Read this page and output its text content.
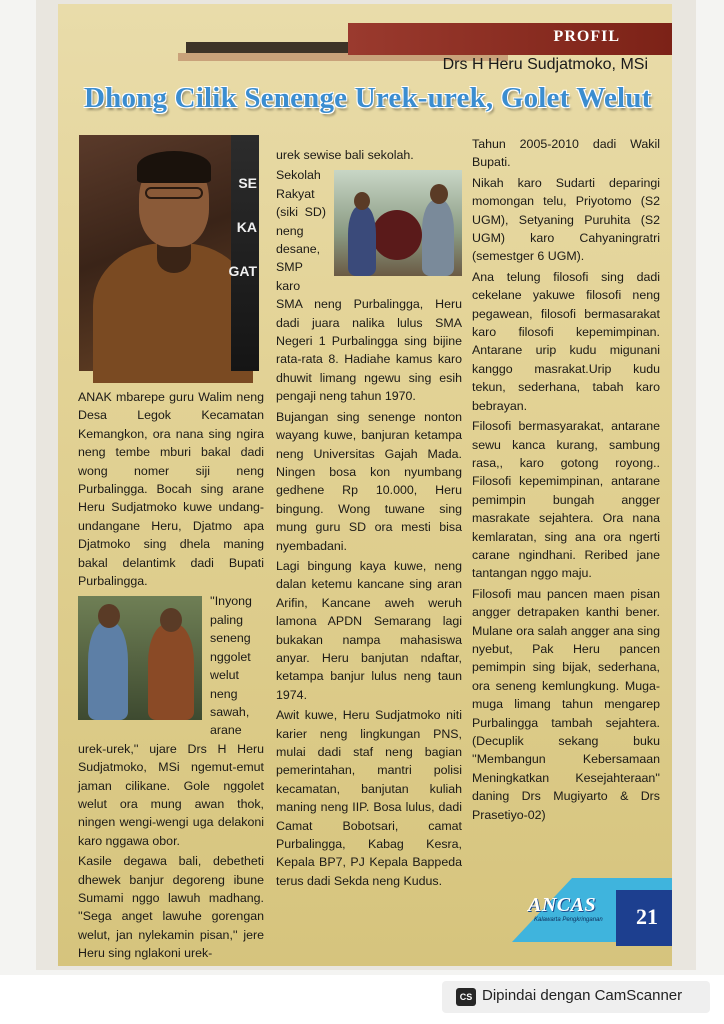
PROFIL
Drs H Heru Sudjatmoko, MSi
Dhong Cilik Senenge Urek-urek, Golet Welut
SE
KA
GAT

ANAK mbarepe guru Walim neng Desa Legok Kecamatan Kemangkon, ora nana sing ngira neng tembe mburi bakal dadi wong nomer siji neng Purbalingga. Bocah sing arane Heru Sudjatmoko kuwe undang-undangane Heru, Djatmo apa Djatmoko sing dhela maning bakal delantimk dadi Bupati Purbalingga.

''Inyong paling seneng nggolet welut neng sawah, arane urek-urek,'' ujare Drs H Heru Sudjatmoko, MSi ngemut-emut jaman cilikane. Gole nggolet welut ora mung awan thok, ningen wengi-wengi uga delakoni karo nggawa obor.

Kasile degawa bali, debetheti dhewek banjur degoreng ibune Sumami nggo lawuh madhang. ''Sega anget lawuhe gorengan welut, jan nylekamin pisan,'' jere Heru sing nglakoni urek-

urek sewise bali sekolah.

Sekolah Rakyat (siki SD) neng desane, SMP karo SMA neng Purbalingga, Heru dadi juara nalika lulus SMA Negeri 1 Purbalingga sing bijine rata-rata 8. Hadiahe kamus karo dhuwit limang ngewu sing esih pengaji neng tahun 1970.

Bujangan sing senenge nonton wayang kuwe, banjuran ketampa neng Universitas Gajah Mada. Ningen bosa kon nyumbang gedhene Rp 10.000, Heru bingung. Wong tuwane sing mung guru SD ora mesti bisa nyembadani.

Lagi bingung kaya kuwe, neng dalan ketemu kancane sing aran Arifin, Kancane aweh weruh lamona APDN Semarang lagi bukakan nampa mahasiswa anyar. Heru banjutan ndaftar, ketampa banjur lulus neng taun 1974.

Awit kuwe, Heru Sudjatmoko niti karier neng lingkungan PNS, mulai dadi staf neng bagian pemerintahan, mantri polisi kecamatan, banjutan kuliah maning neng IIP. Bosa lulus, dadi Camat Bobotsari, camat Purbalingga, Kabag Kesra, Kepala BP7, PJ Kepala Bappeda terus dadi Sekda neng Kudus.

Tahun 2005-2010 dadi Wakil Bupati.

Nikah karo Sudarti deparingi momongan telu, Priyotomo (S2 UGM), Setyaning Puruhita (S2 UGM) karo Cahyaningratri (semestger 6 UGM).

Ana telung filosofi sing dadi cekelane yakuwe filosofi neng pegawean, filosofi bermasarakat karo filosofi kepemimpinan. Antarane urip kudu migunani kanggo masrakat.Urip kudu tekun, sederhana, tabah karo bebrayan.

Filosofi bermasyarakat, antarane sewu kanca kurang, sambung rasa,, karo gotong royong.. Filosofi kepemimpinan, antarane pemimpin bungah angger masrakate sejahtera. Ora nana kemlaratan, sing ana ora ngerti carane ngindhani. Reribed jane tantangan nggo maju.

Filosofi mau pancen maen pisan angger detrapaken kanthi bener. Mulane ora salah angger ana sing nyebut, Pak Heru pancen pemimpin sing bijak, sederhana, ora seneng kemlungkung. Muga-muga limang tahun mengarep Purbalingga tambah sejahtera. (Decuplik sekang buku ''Membangun Kebersamaan Meningkatkan Kesejahteraan'' daning Drs Mugiyarto & Drs Prasetiyo-02)

ANCAS
Kalawarta Pengkringanan 21
CS Dipindai dengan CamScanner
